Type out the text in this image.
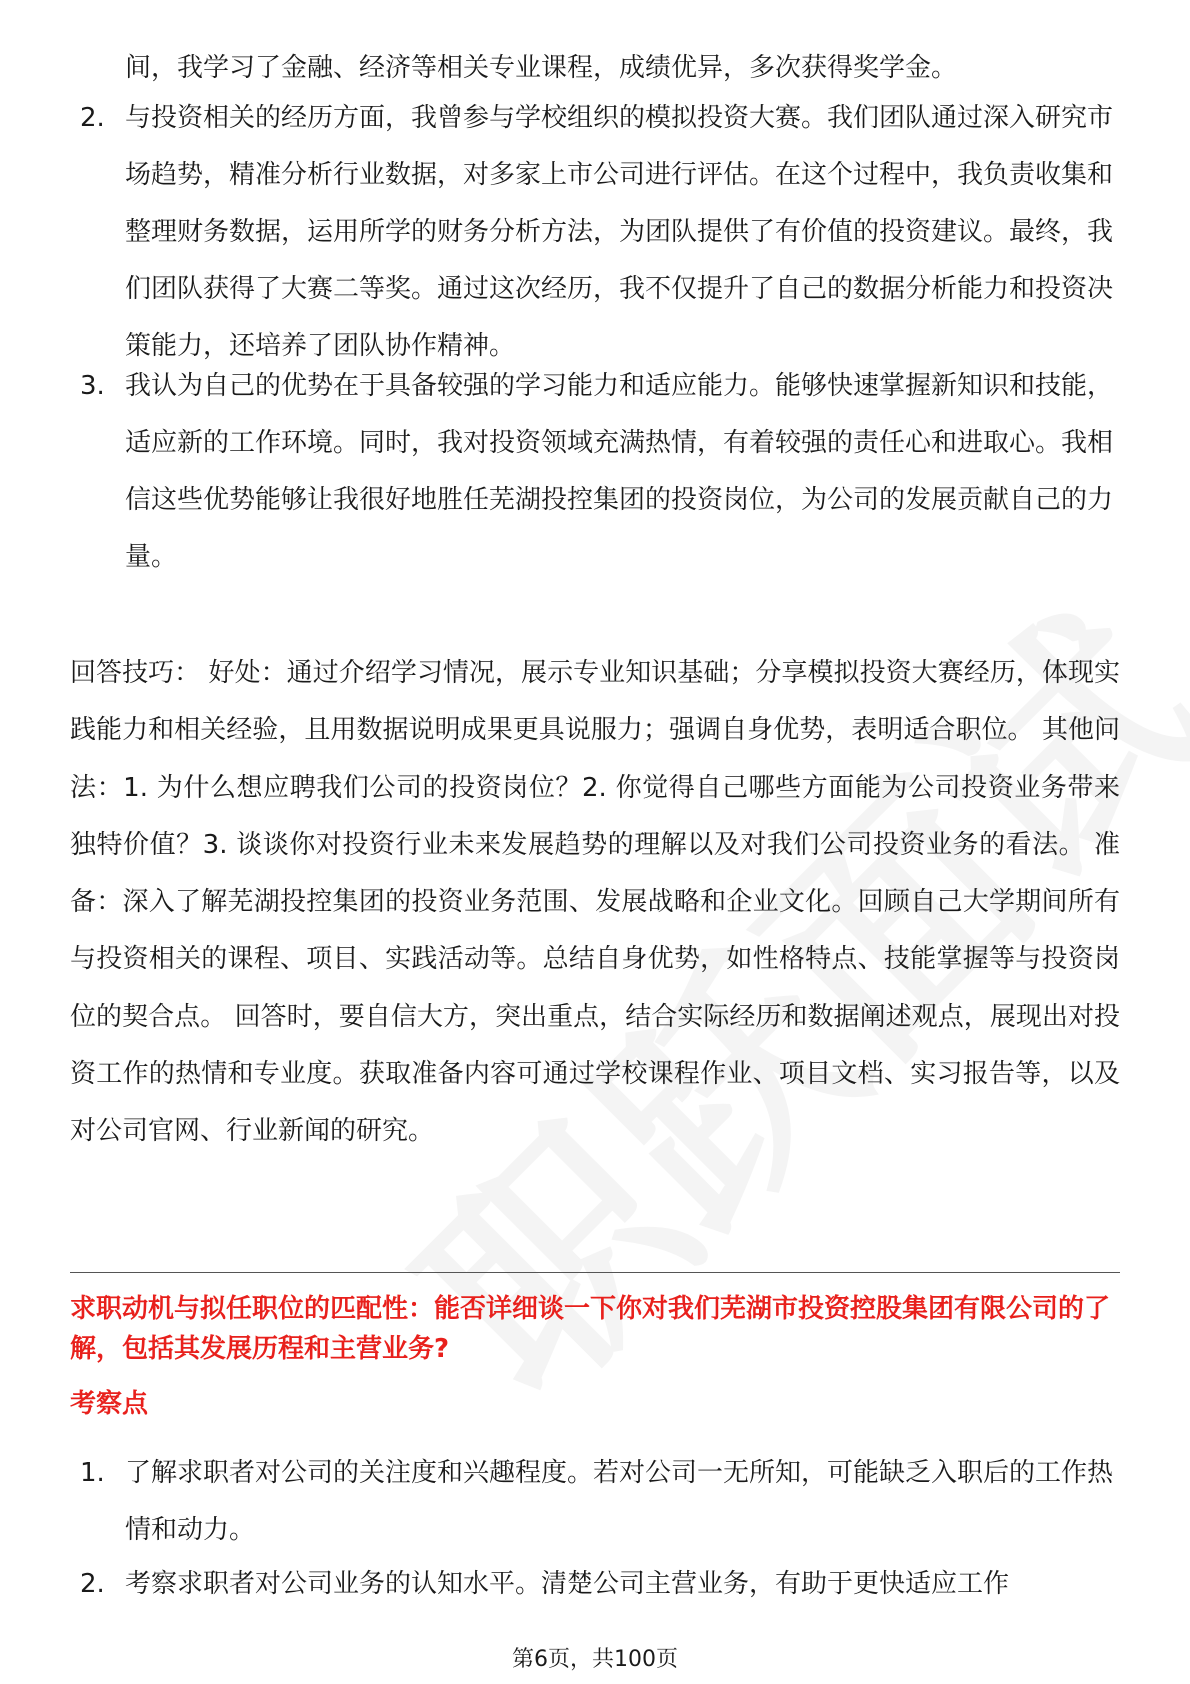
间，我学习了金融、经济等相关专业课程，成绩优异，多次获得奖学金。
2. 与投资相关的经历方面，我曾参与学校组织的模拟投资大赛。我们团队通过深入研究市场趋势，精准分析行业数据，对多家上市公司进行评估。在这个过程中，我负责收集和整理财务数据，运用所学的财务分析方法，为团队提供了有价值的投资建议。最终，我们团队获得了大赛二等奖。通过这次经历，我不仅提升了自己的数据分析能力和投资决策能力，还培养了团队协作精神。
3. 我认为自己的优势在于具备较强的学习能力和适应能力。能够快速掌握新知识和技能，适应新的工作环境。同时，我对投资领域充满热情，有着较强的责任心和进取心。我相信这些优势能够让我很好地胜任芜湖投控集团的投资岗位，为公司的发展贡献自己的力量。
回答技巧： 好处：通过介绍学习情况，展示专业知识基础；分享模拟投资大赛经历，体现实践能力和相关经验，且用数据说明成果更具说服力；强调自身优势，表明适合职位。 其他问法：1. 为什么想应聘我们公司的投资岗位？2. 你觉得自己哪些方面能为公司投资业务带来独特价值？3. 谈谈你对投资行业未来发展趋势的理解以及对我们公司投资业务的看法。 准备：深入了解芜湖投控集团的投资业务范围、发展战略和企业文化。回顾自己大学期间所有与投资相关的课程、项目、实践活动等。总结自身优势，如性格特点、技能掌握等与投资岗位的契合点。 回答时，要自信大方，突出重点，结合实际经历和数据阐述观点，展现出对投资工作的热情和专业度。获取准备内容可通过学校课程作业、项目文档、实习报告等，以及对公司官网、行业新闻的研究。
求职动机与拟任职位的匹配性：能否详细谈一下你对我们芜湖市投资控股集团有限公司的了解，包括其发展历程和主营业务?
考察点
1. 了解求职者对公司的关注度和兴趣程度。若对公司一无所知，可能缺乏入职后的工作热情和动力。
2. 考察求职者对公司业务的认知水平。清楚公司主营业务，有助于更快适应工作
第6页，共100页
